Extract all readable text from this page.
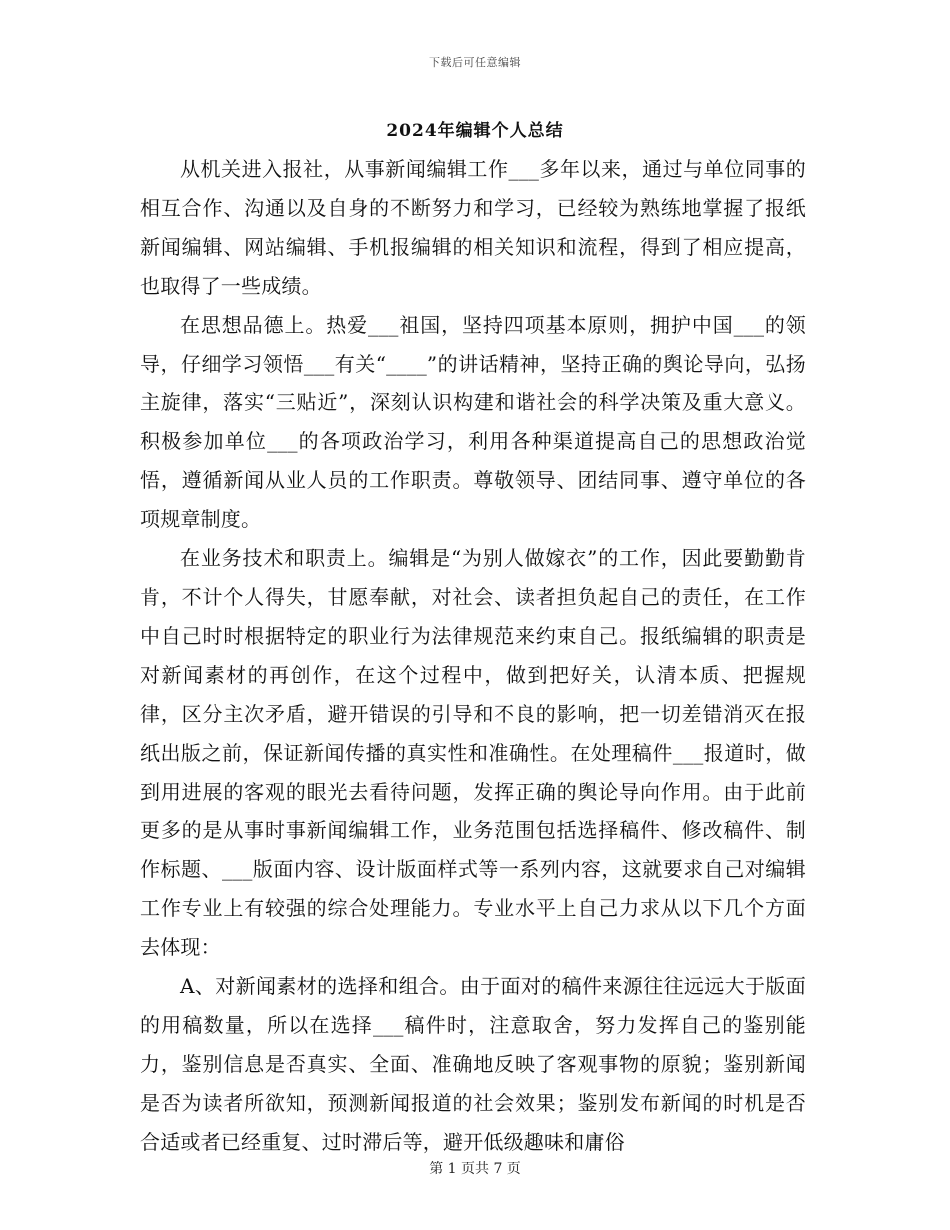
下载后可任意编辑
2024年编辑个人总结

从机关进入报社，从事新闻编辑工作___多年以来，通过与单位同事的相互合作、沟通以及自身的不断努力和学习，已经较为熟练地掌握了报纸新闻编辑、网站编辑、手机报编辑的相关知识和流程，得到了相应提高，也取得了一些成绩。

在思想品德上。热爱___祖国，坚持四项基本原则，拥护中国___的领导，仔细学习领悟___有关“____”的讲话精神，坚持正确的舆论导向，弘扬主旋律，落实“三贴近”，深刻认识构建和谐社会的科学决策及重大意义。积极参加单位___的各项政治学习，利用各种渠道提高自己的思想政治觉悟，遵循新闻从业人员的工作职责。尊敬领导、团结同事、遵守单位的各项规章制度。

在业务技术和职责上。编辑是“为别人做嫁衣”的工作，因此要勤勤肯肯，不计个人得失，甘愿奉献，对社会、读者担负起自己的责任，在工作中自己时时根据特定的职业行为法律规范来约束自己。报纸编辑的职责是对新闻素材的再创作，在这个过程中，做到把好关，认清本质、把握规律，区分主次矛盾，避开错误的引导和不良的影响，把一切差错消灭在报纸出版之前，保证新闻传播的真实性和准确性。在处理稿件___报道时，做到用进展的客观的眼光去看待问题，发挥正确的舆论导向作用。由于此前更多的是从事时事新闻编辑工作，业务范围包括选择稿件、修改稿件、制作标题、___版面内容、设计版面样式等一系列内容，这就要求自己对编辑工作专业上有较强的综合处理能力。专业水平上自己力求从以下几个方面去体现：

A、对新闻素材的选择和组合。由于面对的稿件来源往往远远大于版面的用稿数量，所以在选择___稿件时，注意取舍，努力发挥自己的鉴别能力，鉴别信息是否真实、全面、准确地反映了客观事物的原貌；鉴别新闻是否为读者所欲知，预测新闻报道的社会效果；鉴别发布新闻的时机是否合适或者已经重复、过时滞后等，避开低级趣味和庸俗

第 1 页共 7 页
